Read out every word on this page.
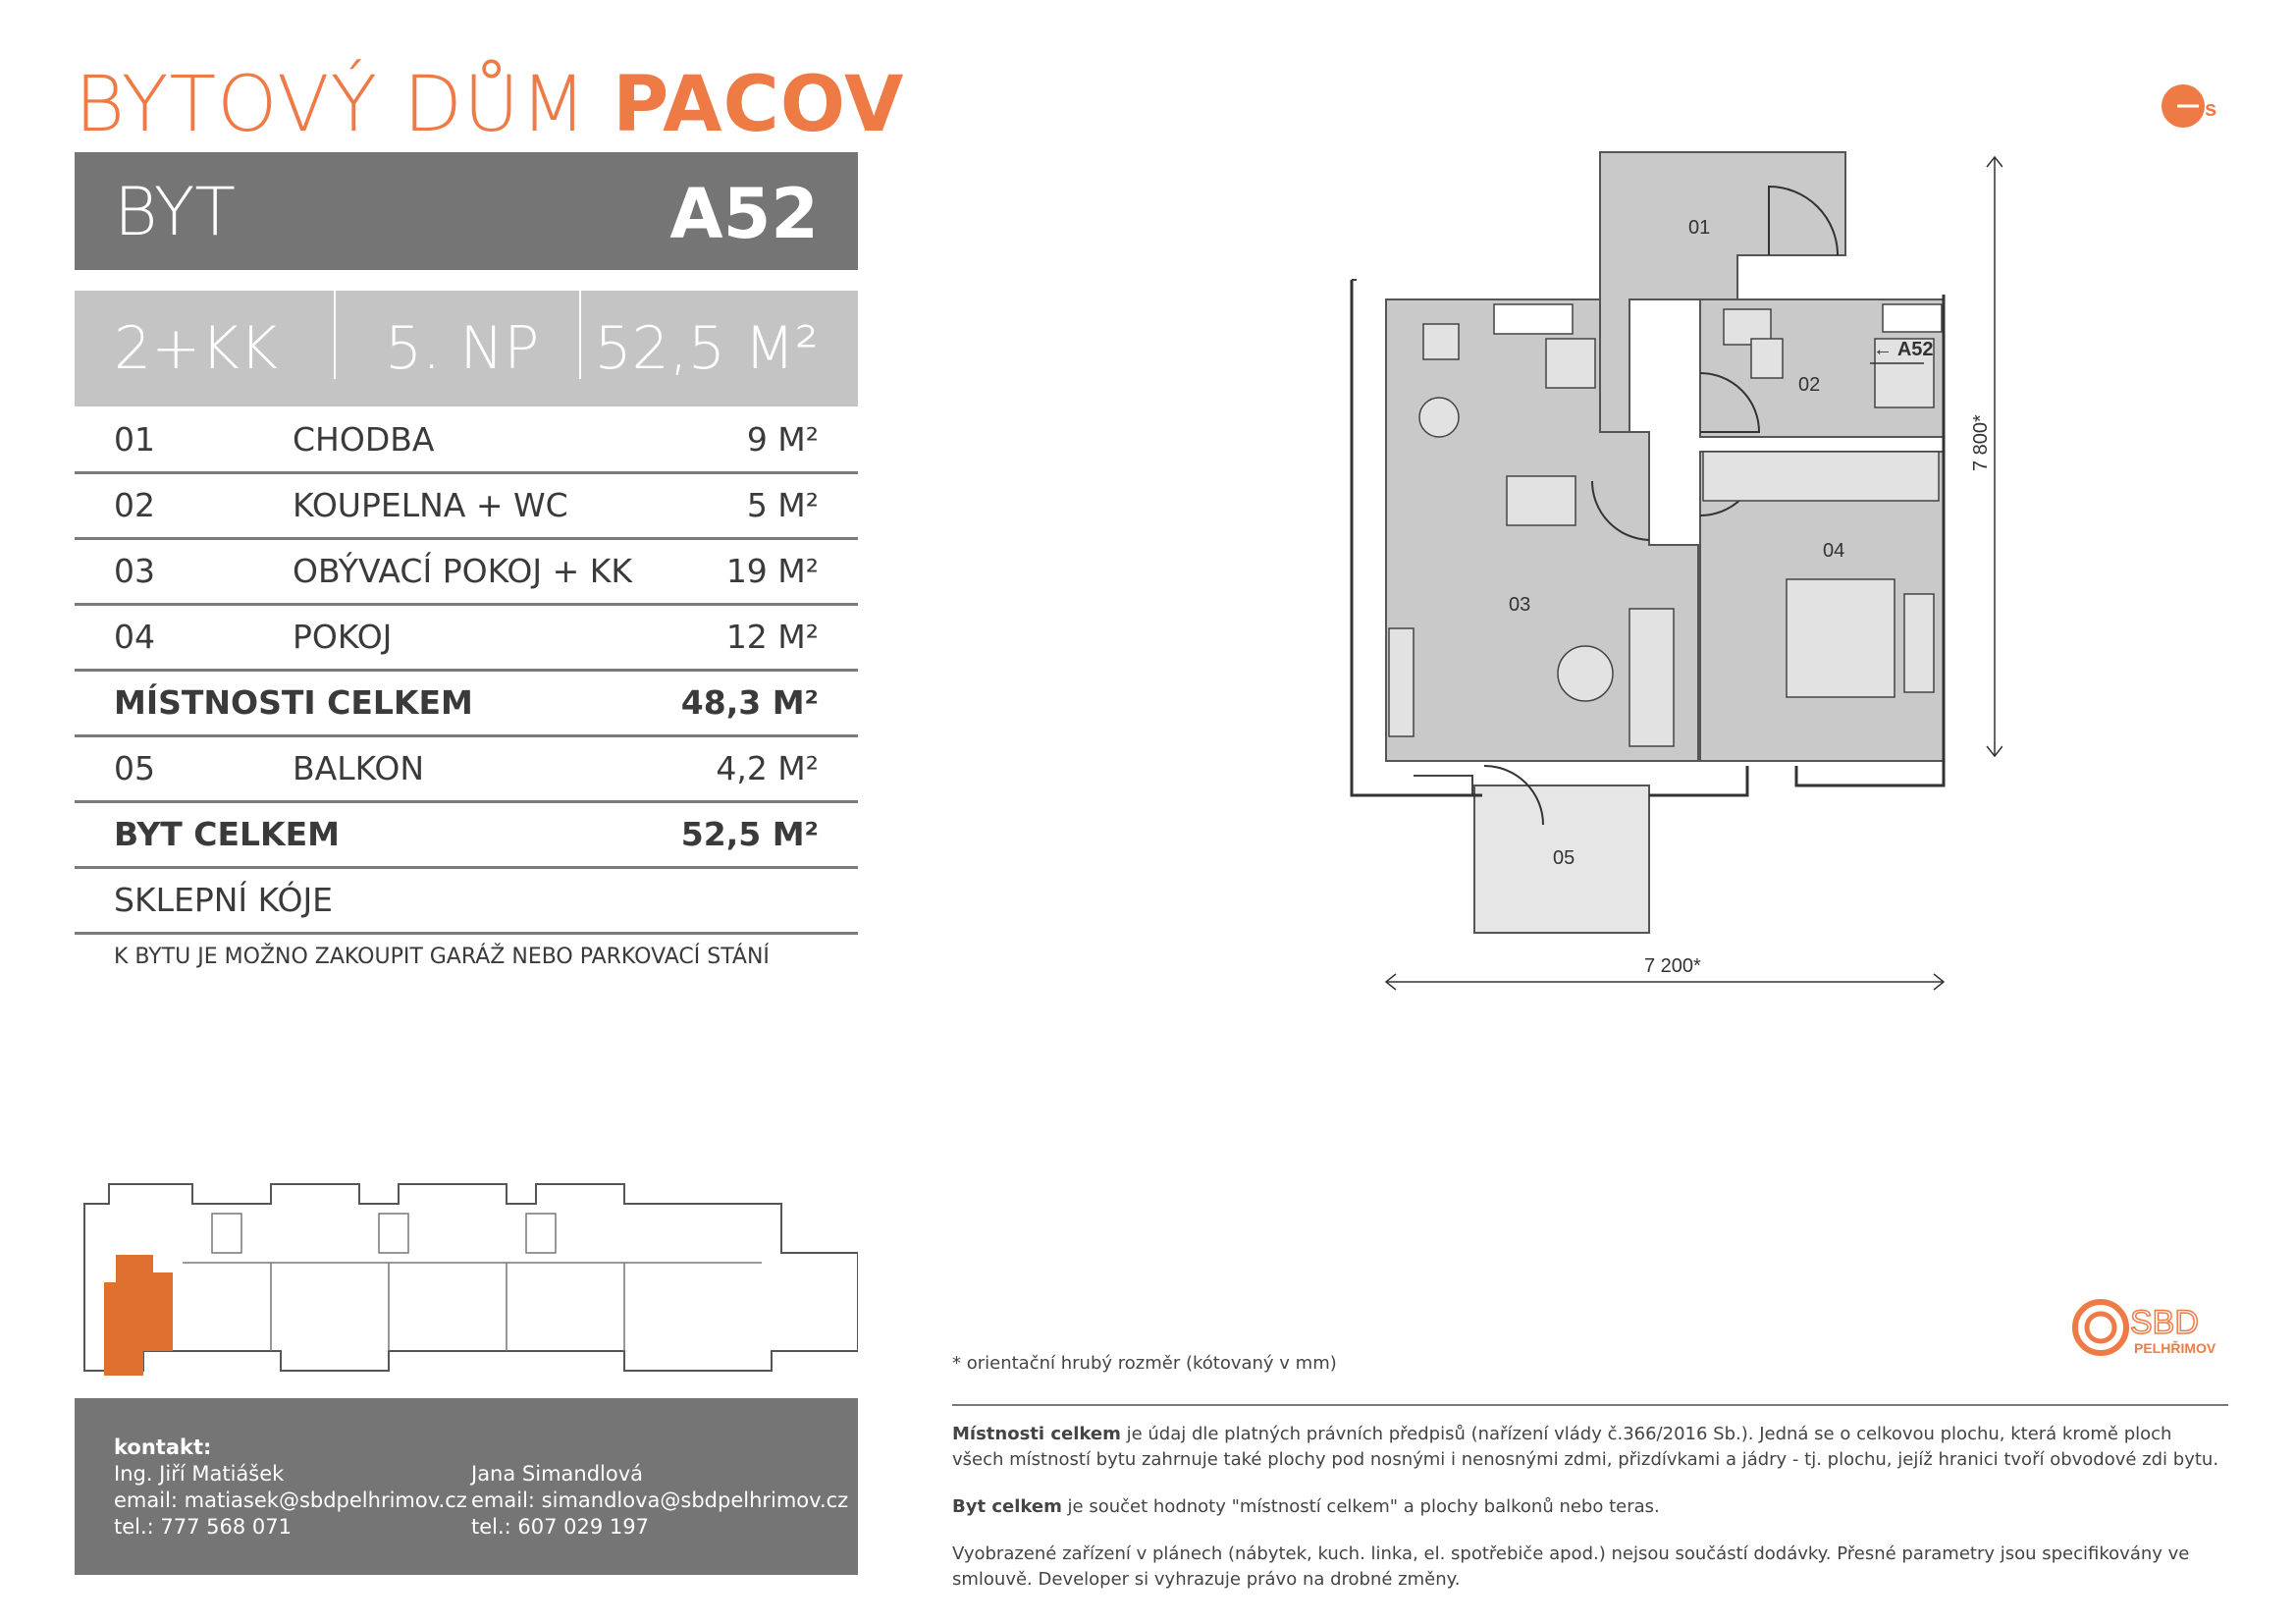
BYTOVÝ DŮM PACOV
BYT	A52
2+KK 5. NP 52,5 M²
01	CHODBA	9 M²
02	KOUPELNA + WC	5 M²
03	OBÝVACÍ POKOJ + KK	19 M²
04	POKOJ	12 M²
MÍSTNOSTI CELKEM	48,3 M²
05	BALKON	4,2 M²
BYT CELKEM	52,5 M²
SKLEPNÍ KÓJE
K BYTU JE MOŽNO ZAKOUPIT GARÁŽ NEBO PARKOVACÍ STÁNÍ
← A52
01
02
03
04
05
7 200*
7 800*
s
kontakt:
Ing. Jiří Matiášek
email: matiasek@sbdpelhrimov.cz
tel.: 777 568 071
Jana Simandlová
email: simandlova@sbdpelhrimov.cz
tel.: 607 029 197
SBD
PELHŘIMOV
* orientační hrubý rozměr (kótovaný v mm)

Místnosti celkem je údaj dle platných právních předpisů (nařízení vlády č.366/2016 Sb.). Jedná se o celkovou plochu, která kromě ploch všech místností bytu zahrnuje také plochy pod nosnými i nenosnými zdmi, přizdívkami a jádry - tj. plochu, jejíž hranici tvoří obvodové zdi bytu.

Byt celkem je součet hodnoty "místností celkem" a plochy balkonů nebo teras.

Vyobrazené zařízení v plánech (nábytek, kuch. linka, el. spotřebiče apod.) nejsou součástí dodávky. Přesné parametry jsou specifikovány ve smlouvě. Developer si vyhrazuje právo na drobné změny.
